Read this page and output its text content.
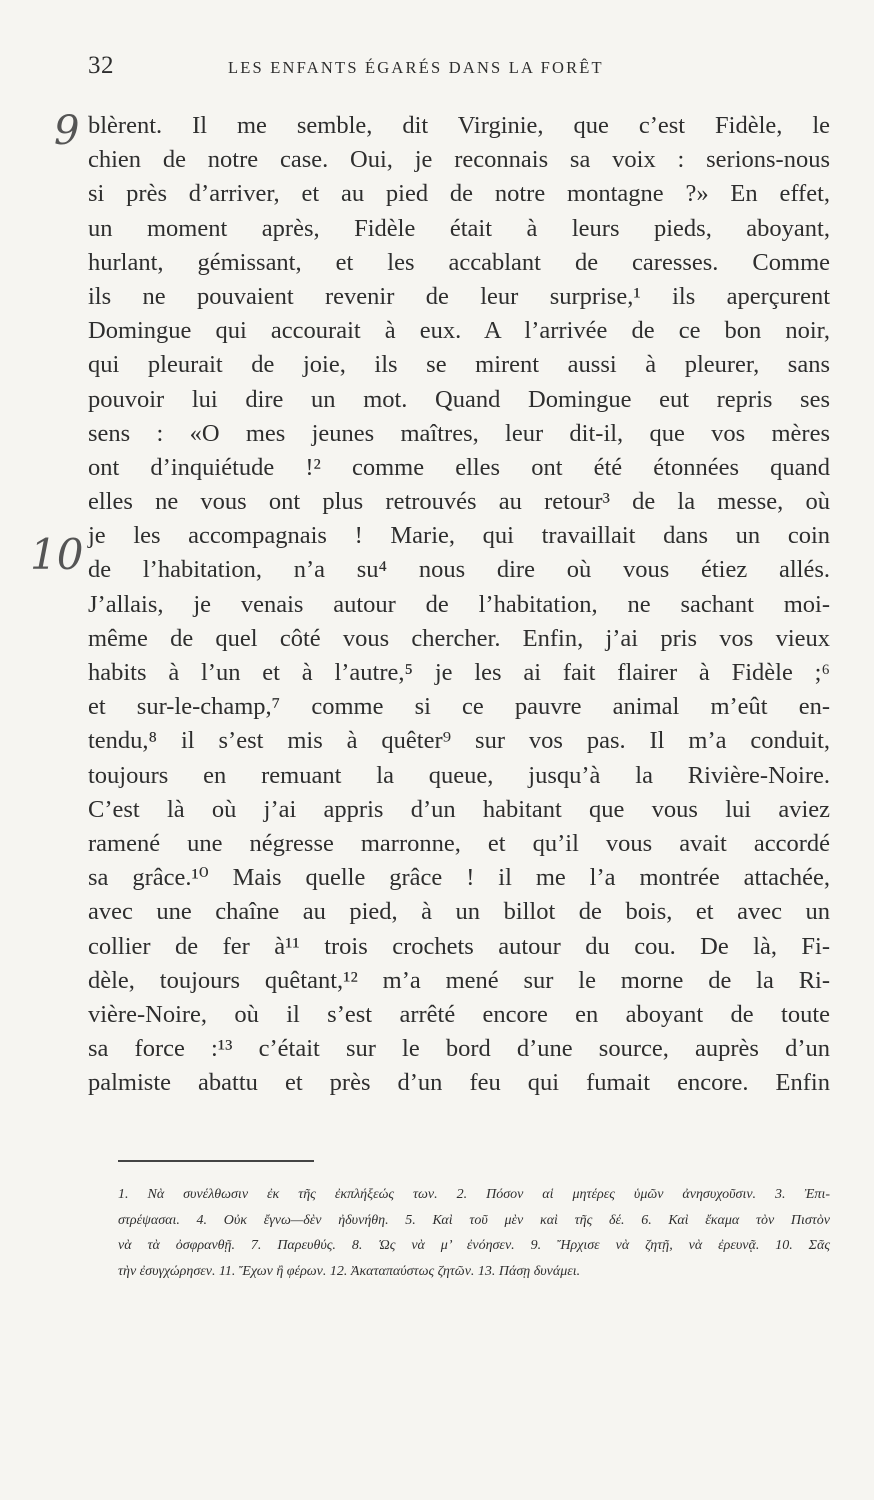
32	LES ENFANTS ÉGARÉS DANS LA FORÊT
9
10
blèrent. Il me semble, dit Virginie, que c’est Fidèle, le
chien de notre case. Oui, je reconnais sa voix : serions-nous
si près d’arriver, et au pied de notre montagne ?» En effet,
un moment après, Fidèle était à leurs pieds, aboyant,
hurlant, gémissant, et les accablant de caresses. Comme
ils ne pouvaient revenir de leur surprise,¹ ils aperçurent
Domingue qui accourait à eux. A l’arrivée de ce bon noir,
qui pleurait de joie, ils se mirent aussi à pleurer, sans
pouvoir lui dire un mot. Quand Domingue eut repris ses
sens : «O mes jeunes maîtres, leur dit-il, que vos mères
ont d’inquiétude !² comme elles ont été étonnées quand
elles ne vous ont plus retrouvés au retour³ de la messe, où
je les accompagnais ! Marie, qui travaillait dans un coin
de l’habitation, n’a su⁴ nous dire où vous étiez allés.
J’allais, je venais autour de l’habitation, ne sachant moi-
même de quel côté vous chercher. Enfin, j’ai pris vos vieux
habits à l’un et à l’autre,⁵ je les ai fait flairer à Fidèle ;⁶
et sur-le-champ,⁷ comme si ce pauvre animal m’eût en-
tendu,⁸ il s’est mis à quêter⁹ sur vos pas. Il m’a conduit,
toujours en remuant la queue, jusqu’à la Rivière-Noire.
C’est là où j’ai appris d’un habitant que vous lui aviez
ramené une négresse marronne, et qu’il vous avait accordé
sa grâce.¹⁰ Mais quelle grâce ! il me l’a montrée attachée,
avec une chaîne au pied, à un billot de bois, et avec un
collier de fer à¹¹ trois crochets autour du cou. De là, Fi-
dèle, toujours quêtant,¹² m’a mené sur le morne de la Ri-
vière-Noire, où il s’est arrêté encore en aboyant de toute
sa force :¹³ c’était sur le bord d’une source, auprès d’un
palmiste abattu et près d’un feu qui fumait encore. Enfin
1. Νὰ συνέλθωσιν ἐκ τῆς ἐκπλήξεώς των. 2. Πόσον αἱ μητέρες ὑμῶν ἀνησυχοῦσιν. 3. Ἐπι-
στρέψασαι. 4. Οὐκ ἔγνω—δὲν ἠδυνήθη. 5. Καὶ τοῦ μὲν καὶ τῆς δέ. 6. Καὶ ἔκαμα τὸν Πιστὸν
νὰ τὰ ὀσφρανθῇ. 7. Παρευθύς. 8. Ὡς νὰ μ’ ἐνόησεν. 9. Ἤρχισε νὰ ζητῇ, νὰ ἐρευνᾷ. 10. Σᾶς
τὴν ἐσυγχώρησεν. 11. Ἔχων ἢ φέρων. 12. Ἀκαταπαύστως ζητῶν. 13. Πάσῃ δυνάμει.
